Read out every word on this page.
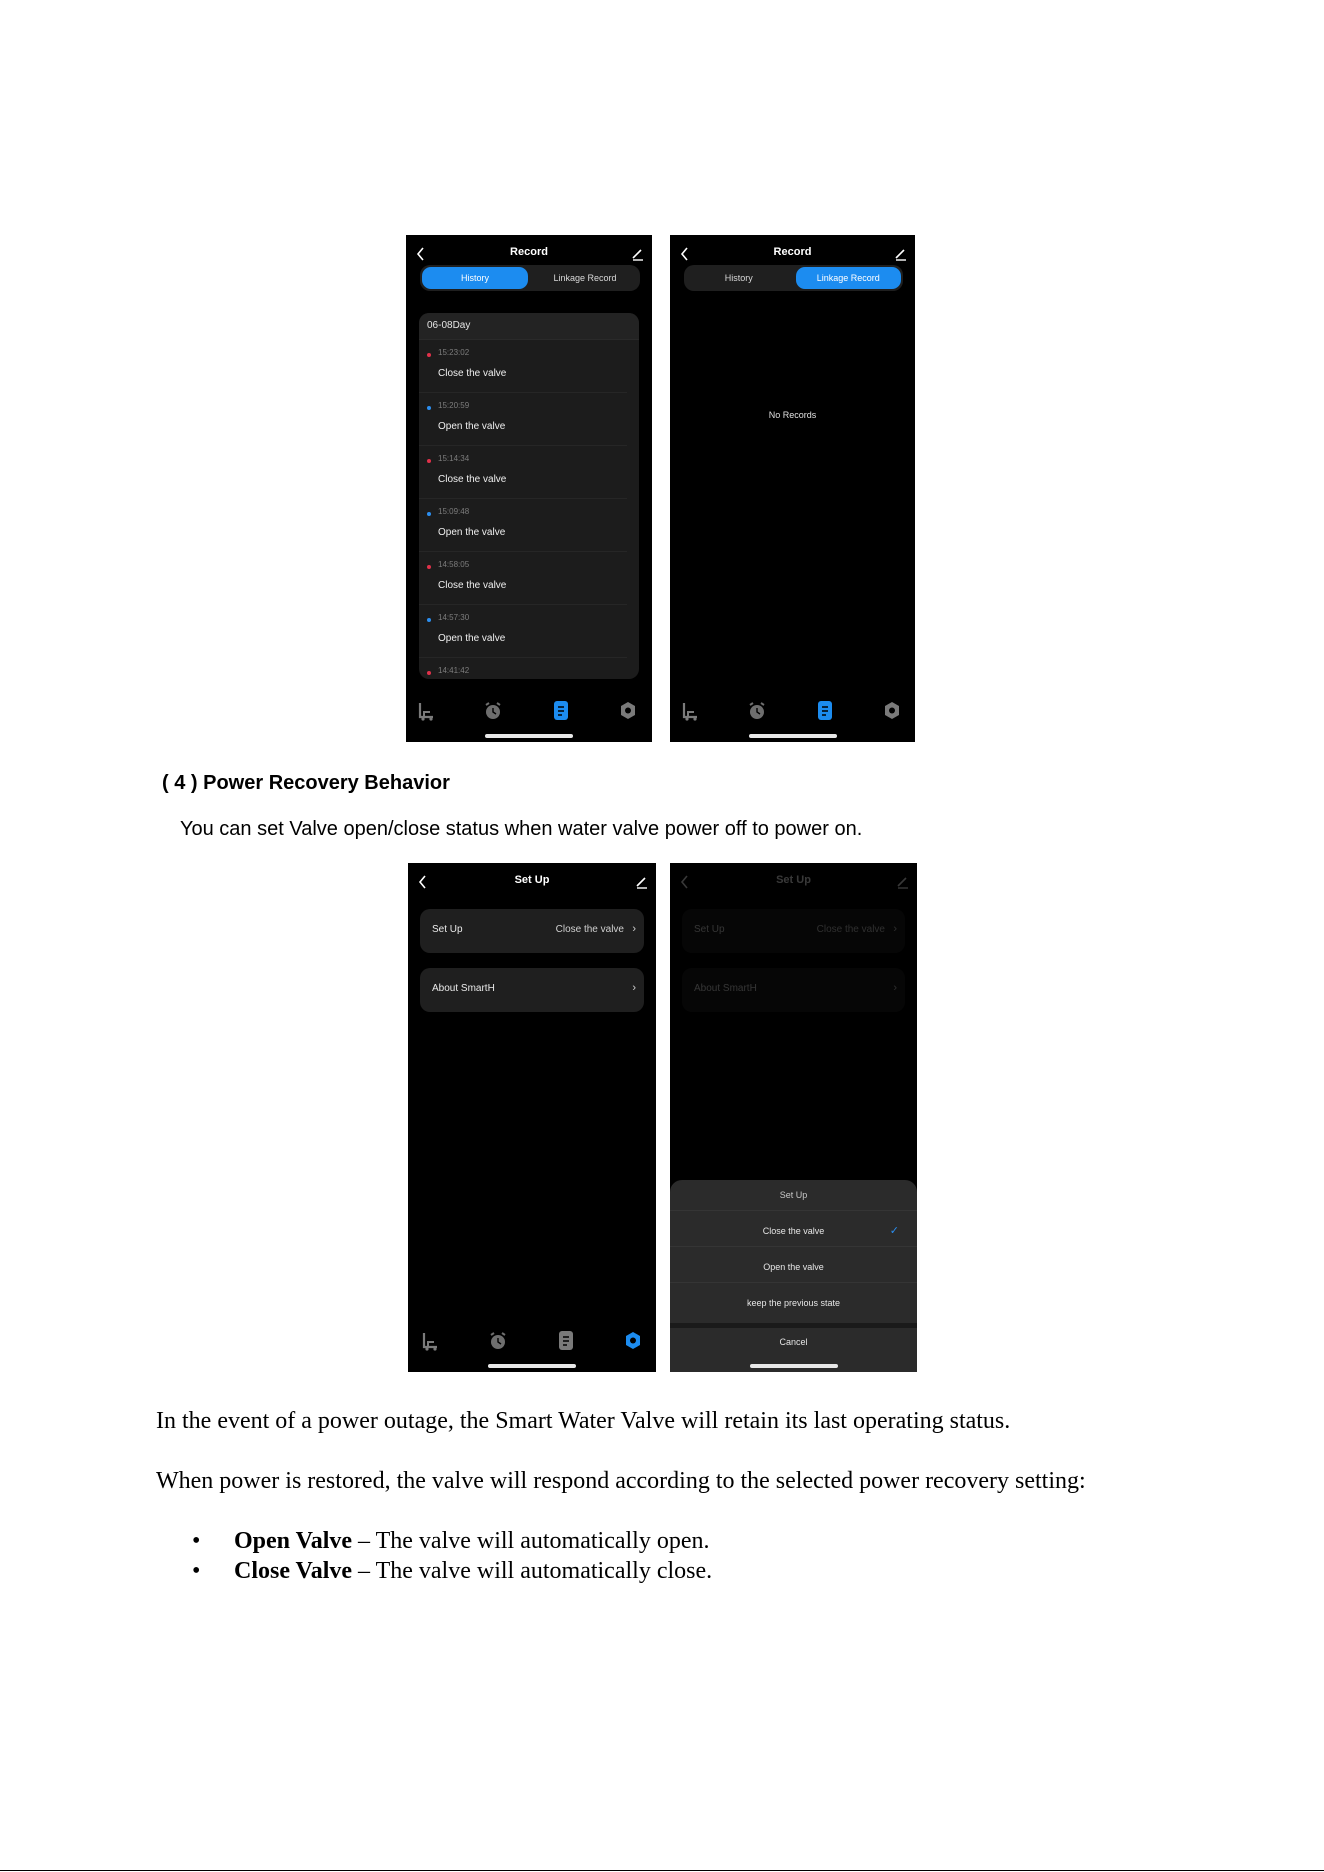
Record
History	Linkage Record
06-08Day
15:23:02
Close the valve
15:20:59
Open the valve
15:14:34
Close the valve
15:09:48
Open the valve
14:58:05
Close the valve
14:57:30
Open the valve
14:41:42
Record
History	Linkage Record
No Records
( 4 ) Power Recovery Behavior
You can set Valve open/close status when water valve power off to power on.
Set Up
Set Up	Close the valve ›
About SmartH	›
Set Up
Set Up	Close the valve ›
About SmartH	›
Set Up
Close the valve	✓
Open the valve
keep the previous state
Cancel
In the event of a power outage, the Smart Water Valve will retain its last operating status.
When power is restored, the valve will respond according to the selected power recovery setting:
• Open Valve – The valve will automatically open.
• Close Valve – The valve will automatically close.
